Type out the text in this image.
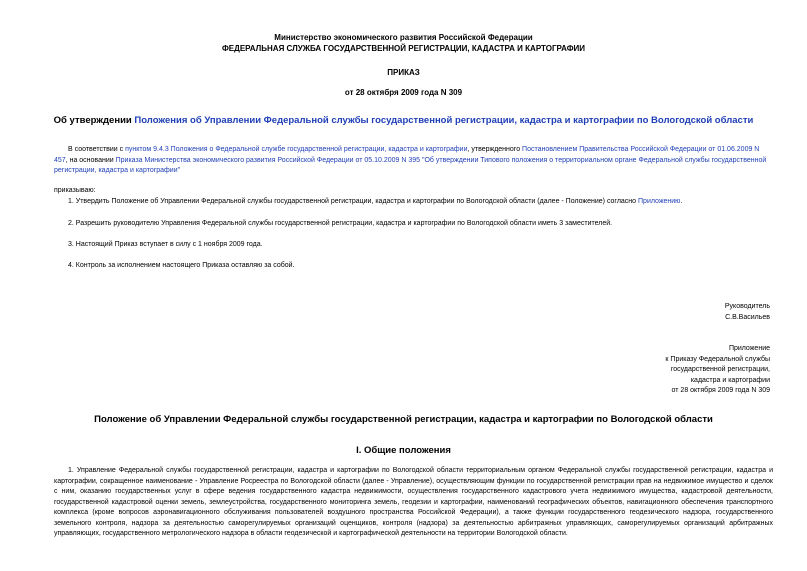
Министерство экономического развития Российской Федерации
ФЕДЕРАЛЬНАЯ СЛУЖБА ГОСУДАРСТВЕННОЙ РЕГИСТРАЦИИ, КАДАСТРА И КАРТОГРАФИИ
ПРИКАЗ
от 28 октября 2009 года N 309
Об утверждении Положения об Управлении Федеральной службы государственной регистрации, кадастра и картографии по Вологодской области
В соответствии с пунктом 9.4.3 Положения о Федеральной службе государственной регистрации, кадастра и картографии, утвержденного Постановлением Правительства Российской Федерации от 01.06.2009 N 457, на основании Приказа Министерства экономического развития Российской Федерации от 05.10.2009 N 395 "Об утверждении Типового положения о территориальном органе Федеральной службы государственной регистрации, кадастра и картографии"
приказываю:
1. Утвердить Положение об Управлении Федеральной службы государственной регистрации, кадастра и картографии по Вологодской области (далее - Положение) согласно Приложению.
2. Разрешить руководителю Управления Федеральной службы государственной регистрации, кадастра и картографии по Вологодской области иметь 3 заместителей.
3. Настоящий Приказ вступает в силу с 1 ноября 2009 года.
4. Контроль за исполнением настоящего Приказа оставляю за собой.

Руководитель

С.В.Васильев

Приложение

к Приказу Федеральной службы

государственной регистрации,

кадастра и картографии

от 28 октября 2009 года N 309

Положение об Управлении Федеральной службы государственной регистрации, кадастра и картографии по Вологодской области
I. Общие положения
1. Управление Федеральной службы государственной регистрации, кадастра и картографии по Вологодской области территориальным органом Федеральной службы государственной регистрации, кадастра и картографии, сокращенное наименование - Управление Росреестра по Вологодской области (далее - Управление), осуществляющим функции по государственной регистрации прав на недвижимое имущество и сделок с ним, оказанию государственных услуг в сфере ведения государственного кадастра недвижимости, осуществления государственного кадастрового учета недвижимого имущества, кадастровой деятельности, государственной кадастровой оценки земель, землеустройства, государственного мониторинга земель, геодезии и картографии, наименований географических объектов, навигационного обеспечения транспортного комплекса (кроме вопросов аэронавигационного обслуживания пользователей воздушного пространства Российской Федерации), а также функции государственного геодезического надзора, государственного земельного контроля, надзора за деятельностью саморегулируемых организаций оценщиков, контроля (надзора) за деятельностью арбитражных управляющих, саморегулируемых организаций арбитражных управляющих, государственного метрологического надзора в области геодезической и картографической деятельности на территории Вологодской области.
